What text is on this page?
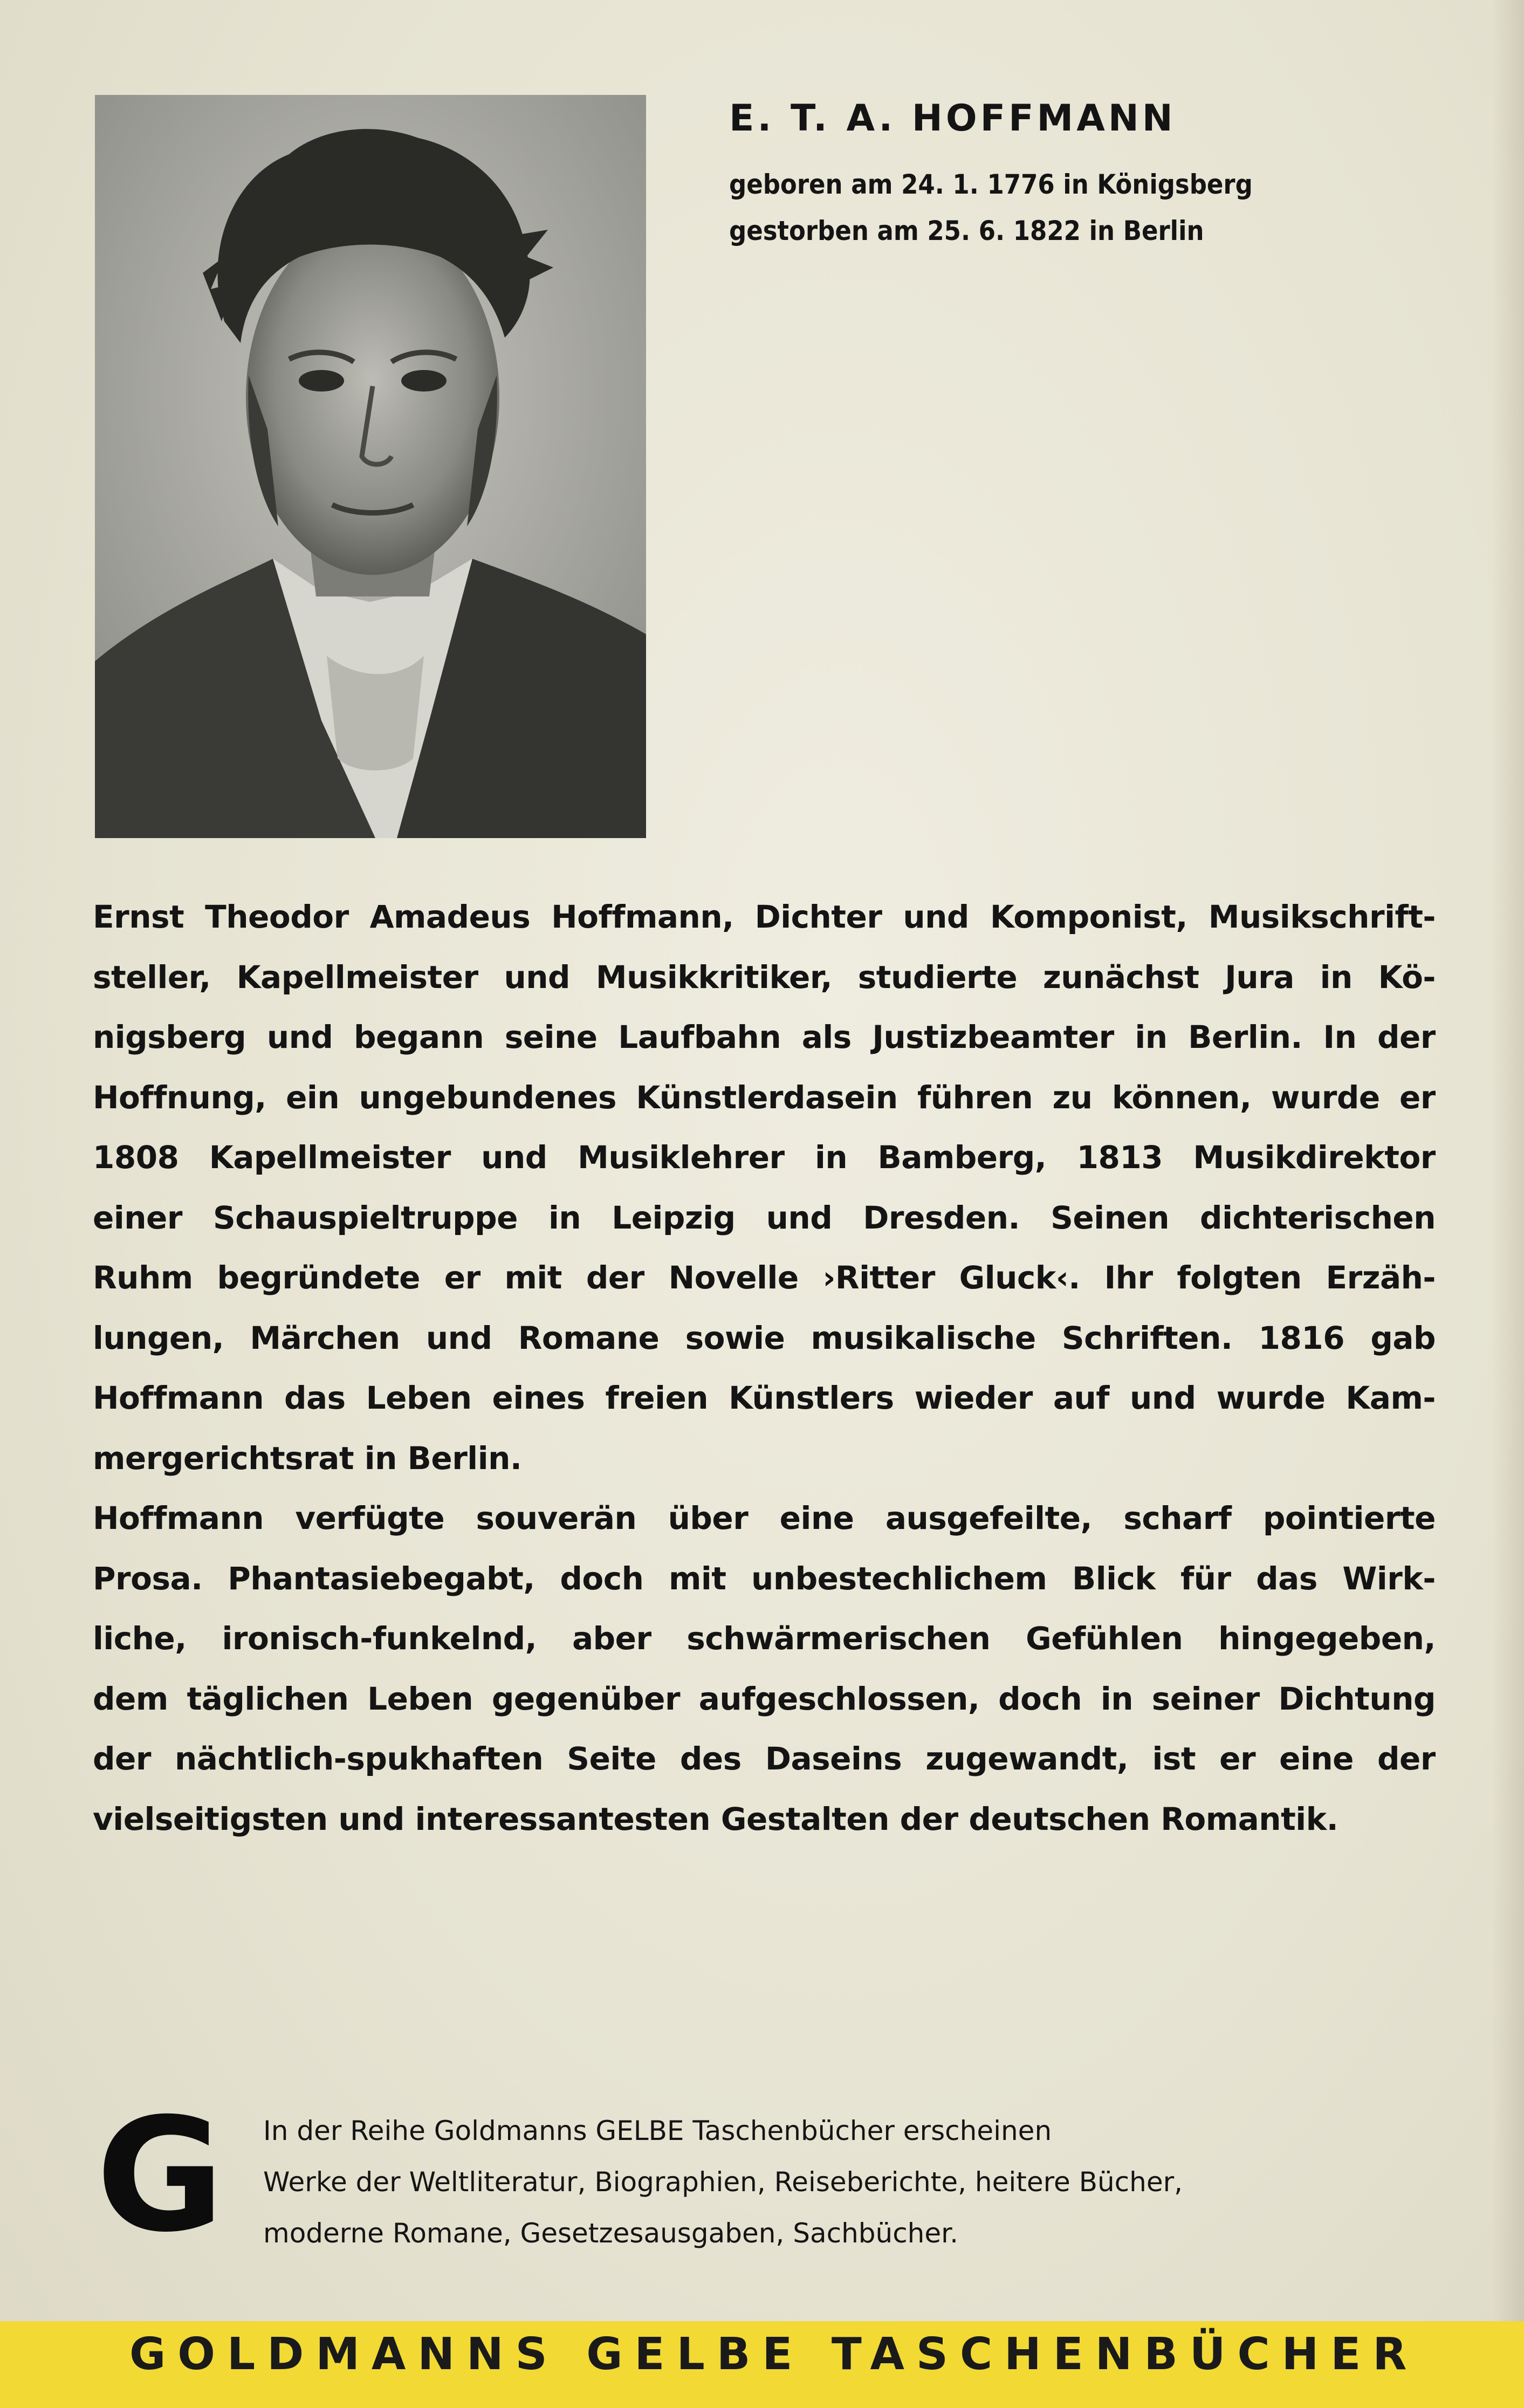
E. T. A. HOFFMANN
geboren am 24. 1. 1776 in Königsberg
gestorben am 25. 6. 1822 in Berlin
Ernst Theodor Amadeus Hoffmann, Dichter und Komponist, Musikschrift-
steller, Kapellmeister und Musikkritiker, studierte zunächst Jura in Kö-
nigsberg und begann seine Laufbahn als Justizbeamter in Berlin. In der
Hoffnung, ein ungebundenes Künstlerdasein führen zu können, wurde er
1808 Kapellmeister und Musiklehrer in Bamberg, 1813 Musikdirektor
einer Schauspieltruppe in Leipzig und Dresden. Seinen dichterischen
Ruhm begründete er mit der Novelle ›Ritter Gluck‹. Ihr folgten Erzäh-
lungen, Märchen und Romane sowie musikalische Schriften. 1816 gab
Hoffmann das Leben eines freien Künstlers wieder auf und wurde Kam-
mergerichtsrat in Berlin.
Hoffmann verfügte souverän über eine ausgefeilte, scharf pointierte
Prosa. Phantasiebegabt, doch mit unbestechlichem Blick für das Wirk-
liche, ironisch-funkelnd, aber schwärmerischen Gefühlen hingegeben,
dem täglichen Leben gegenüber aufgeschlossen, doch in seiner Dichtung
der nächtlich-spukhaften Seite des Daseins zugewandt, ist er eine der
vielseitigsten und interessantesten Gestalten der deutschen Romantik.
G In der Reihe Goldmanns GELBE Taschenbücher erscheinen
Werke der Weltliteratur, Biographien, Reiseberichte, heitere Bücher,
moderne Romane, Gesetzesausgaben, Sachbücher.
GOLDMANNS GELBE TASCHENBÜCHER
